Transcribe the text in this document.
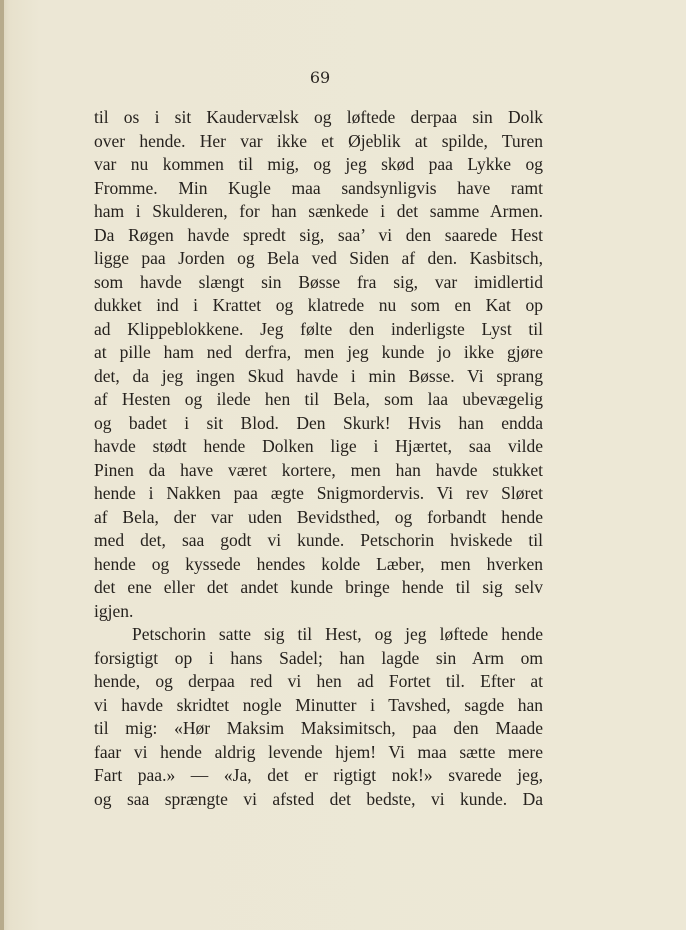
69
til os i sit Kaudervælsk og løftede derpaa sin Dolk
over hende. Her var ikke et Øjeblik at spilde, Turen
var nu kommen til mig, og jeg skød paa Lykke og
Fromme. Min Kugle maa sandsynligvis have ramt
ham i Skulderen, for han sænkede i det samme Armen.
Da Røgen havde spredt sig, saa’ vi den saarede Hest
ligge paa Jorden og Bela ved Siden af den. Kasbitsch,
som havde slængt sin Bøsse fra sig, var imidlertid
dukket ind i Krattet og klatrede nu som en Kat op
ad Klippeblokkene. Jeg følte den inderligste Lyst til
at pille ham ned derfra, men jeg kunde jo ikke gjøre
det, da jeg ingen Skud havde i min Bøsse. Vi sprang
af Hesten og ilede hen til Bela, som laa ubevægelig
og badet i sit Blod. Den Skurk! Hvis han endda
havde stødt hende Dolken lige i Hjærtet, saa vilde
Pinen da have været kortere, men han havde stukket
hende i Nakken paa ægte Snigmordervis. Vi rev Sløret
af Bela, der var uden Bevidsthed, og forbandt hende
med det, saa godt vi kunde. Petschorin hviskede til
hende og kyssede hendes kolde Læber, men hverken
det ene eller det andet kunde bringe hende til sig selv
igjen.
Petschorin satte sig til Hest, og jeg løftede hende
forsigtigt op i hans Sadel; han lagde sin Arm om
hende, og derpaa red vi hen ad Fortet til. Efter at
vi havde skridtet nogle Minutter i Tavshed, sagde han
til mig: «Hør Maksim Maksimitsch, paa den Maade
faar vi hende aldrig levende hjem! Vi maa sætte mere
Fart paa.» — «Ja, det er rigtigt nok!» svarede jeg,
og saa sprængte vi afsted det bedste, vi kunde. Da
